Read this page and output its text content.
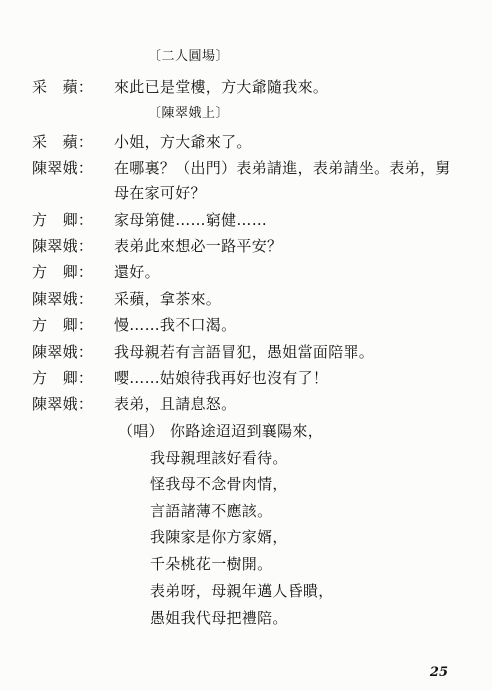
〔二人圓場〕
采　蘋： 來此已是堂樓，方大爺隨我來。
〔陳翠娥上〕
采　蘋： 小姐，方大爺來了。
陳翠娥： 在哪裏？（出門）表弟請進，表弟請坐。表弟，舅
母在家可好？
方　卿： 家母第健……窮健……
陳翠娥： 表弟此來想必一路平安？
方　卿： 還好。
陳翠娥： 采蘋，拿茶來。
方　卿： 慢……我不口渴。
陳翠娥： 我母親若有言語冒犯，愚姐當面陪罪。
方　卿： 嘤……姑娘待我再好也沒有了！
陳翠娥： 表弟，且請息怒。
（唱） 你路途迢迢到襄陽來，
我母親理該好看待。
怪我母不念骨肉情，
言語諸薄不應該。
我陳家是你方家婿，
千朵桃花一樹開。
表弟呀，母親年邁人昏瞶，
愚姐我代母把禮陪。
25
